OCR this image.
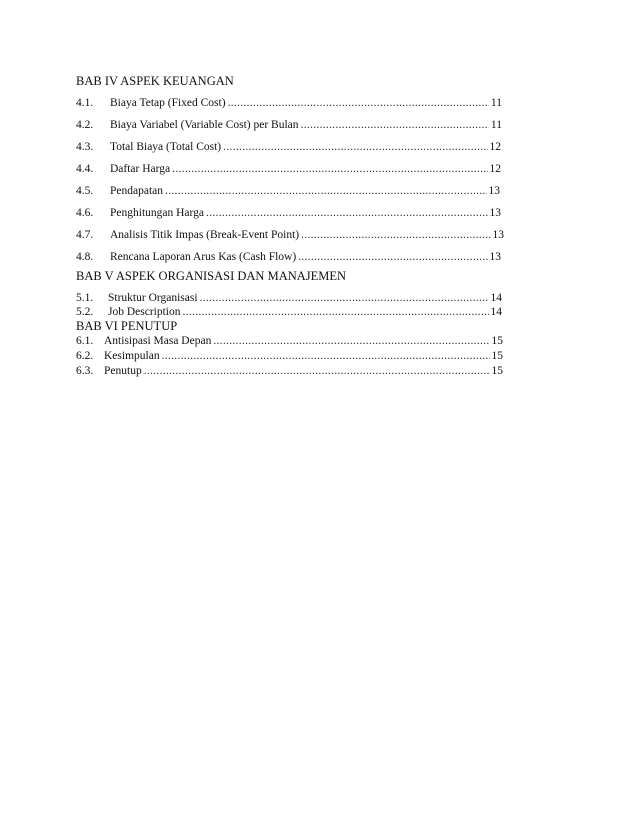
BAB IV ASPEK KEUANGAN
4.1.	Biaya Tetap (Fixed Cost) .....	11
4.2.	Biaya Variabel (Variable Cost) per Bulan .....	11
4.3.	Total Biaya (Total Cost) .....	12
4.4.	Daftar Harga .....	12
4.5.	Pendapatan .....	13
4.6.	Penghitungan Harga .....	13
4.7.	Analisis Titik Impas (Break-Event Point) .....	13
4.8.	Rencana Laporan Arus Kas (Cash Flow) .....	13
BAB V ASPEK ORGANISASI DAN MANAJEMEN
5.1.	Struktur Organisasi .....	14
5.2.	Job Description .....	14
BAB VI PENUTUP
6.1. Antisipasi Masa Depan .....	15
6.2. Kesimpulan .....	15
6.3. Penutup .....	15
